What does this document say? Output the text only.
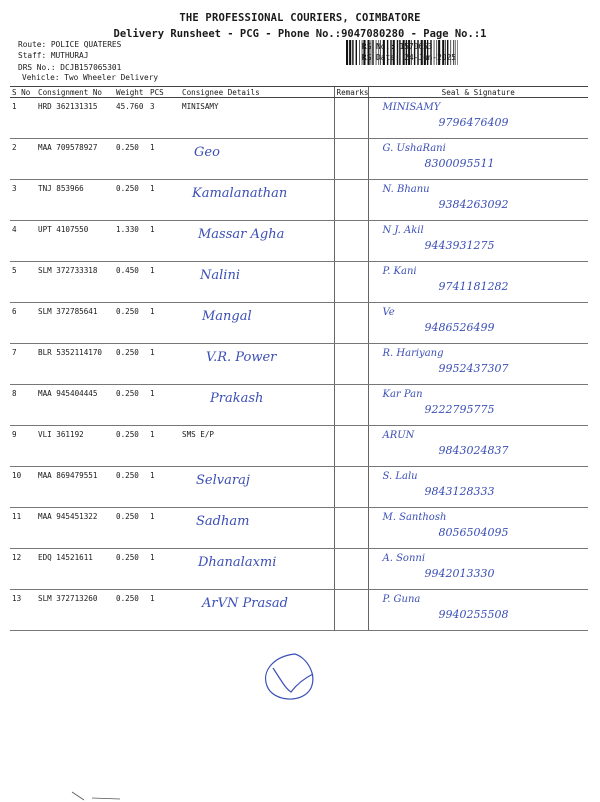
THE PROFESSIONAL COURIERS, COIMBATORE
Delivery Runsheet - PCG - Phone No.:9047080280 - Page No.:1
Route: POLICE QUATERES
Staff: MUTHURAJ
DRS No.: DCJB157065301
Vehicle: Two Wheeler Delivery
RS No.: 1570653
RS Date: 24-Jun-2025
S No	Consignment No	Weight	PCS	Consignee Details	Remarks	Seal & Signature
1	HRD 362131315	45.760	3	MINISAMY		MINISAMY
9796476409

2	MAA 709578927	0.250	1	Geo		G. UshaRani
8300095511

3	TNJ 853966	0.250	1	Kamalanathan		N. Bhanu
9384263092

4	UPT 4107550	1.330	1	Massar Agha		N J. Akil
9443931275

5	SLM 372733318	0.450	1	Nalini		P. Kani
9741181282

6	SLM 372785641	0.250	1	Mangal		Ve
9486526499

7	BLR 5352114170	0.250	1	V.R. Power		R. Hariyang
9952437307

8	MAA 945404445	0.250	1	Prakash		Kar Pan
9222795775

9	VLI 361192	0.250	1	SMS E/P		ARUN
9843024837

10	MAA 869479551	0.250	1	Selvaraj		S. Lalu
9843128333

11	MAA 945451322	0.250	1	Sadham		M. Santhosh
8056504095

12	EDQ 14521611	0.250	1	Dhanalaxmi		A. Sonni
9942013330

13	SLM 372713260	0.250	1	ArVN Prasad		P. Guna
9940255508
